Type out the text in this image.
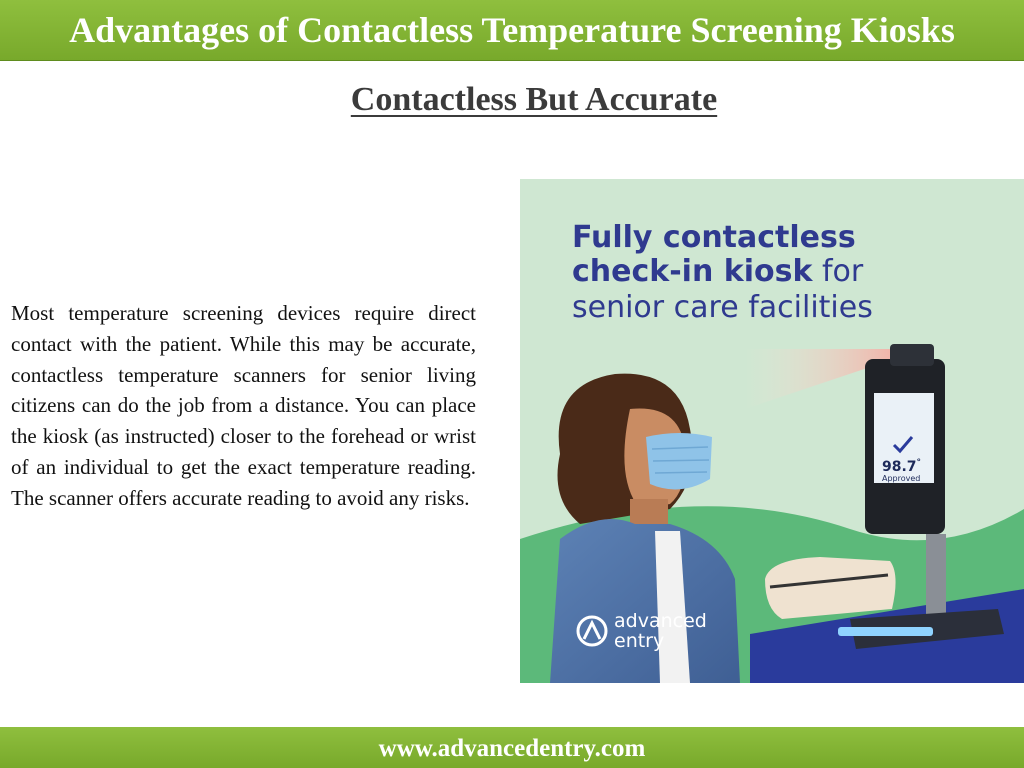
Advantages of Contactless Temperature Screening Kiosks
Contactless But Accurate
Most temperature screening devices require direct contact with the patient. While this may be accurate, contactless temperature scanners for senior living citizens can do the job from a distance. You can place the kiosk (as instructed) closer to the forehead or wrist of an individual to get the exact temperature reading. The scanner offers accurate reading to avoid any risks.
Fully contactless
check-in kiosk for
senior care facilities
98.7°
Approved
advanced
entry
www.advancedentry.com
